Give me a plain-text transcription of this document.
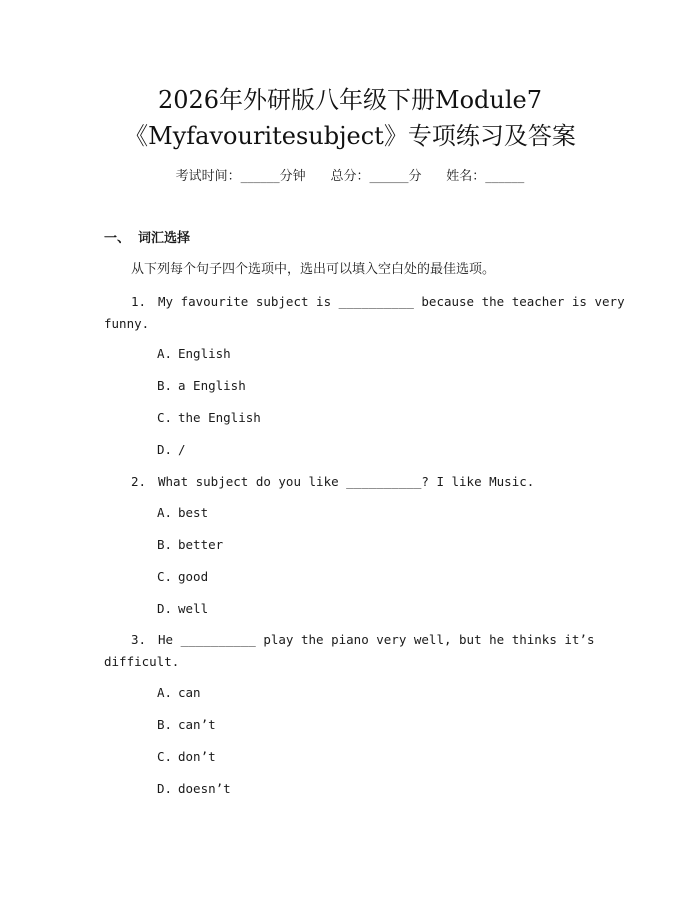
2026年外研版八年级下册Module7
《Myfavouritesubject》专项练习及答案
考试时间：______分钟 总分：______分 姓名：______
一、 词汇选择
从下列每个句子四个选项中，选出可以填入空白处的最佳选项。
1. My favourite subject is __________ because the teacher is very
funny.
A. English
B. a English
C. the English
D. /
2. What subject do you like __________? I like Music.
A. best
B. better
C. good
D. well
3. He __________ play the piano very well, but he thinks it’s
difficult.
A. can
B. can’t
C. don’t
D. doesn’t
